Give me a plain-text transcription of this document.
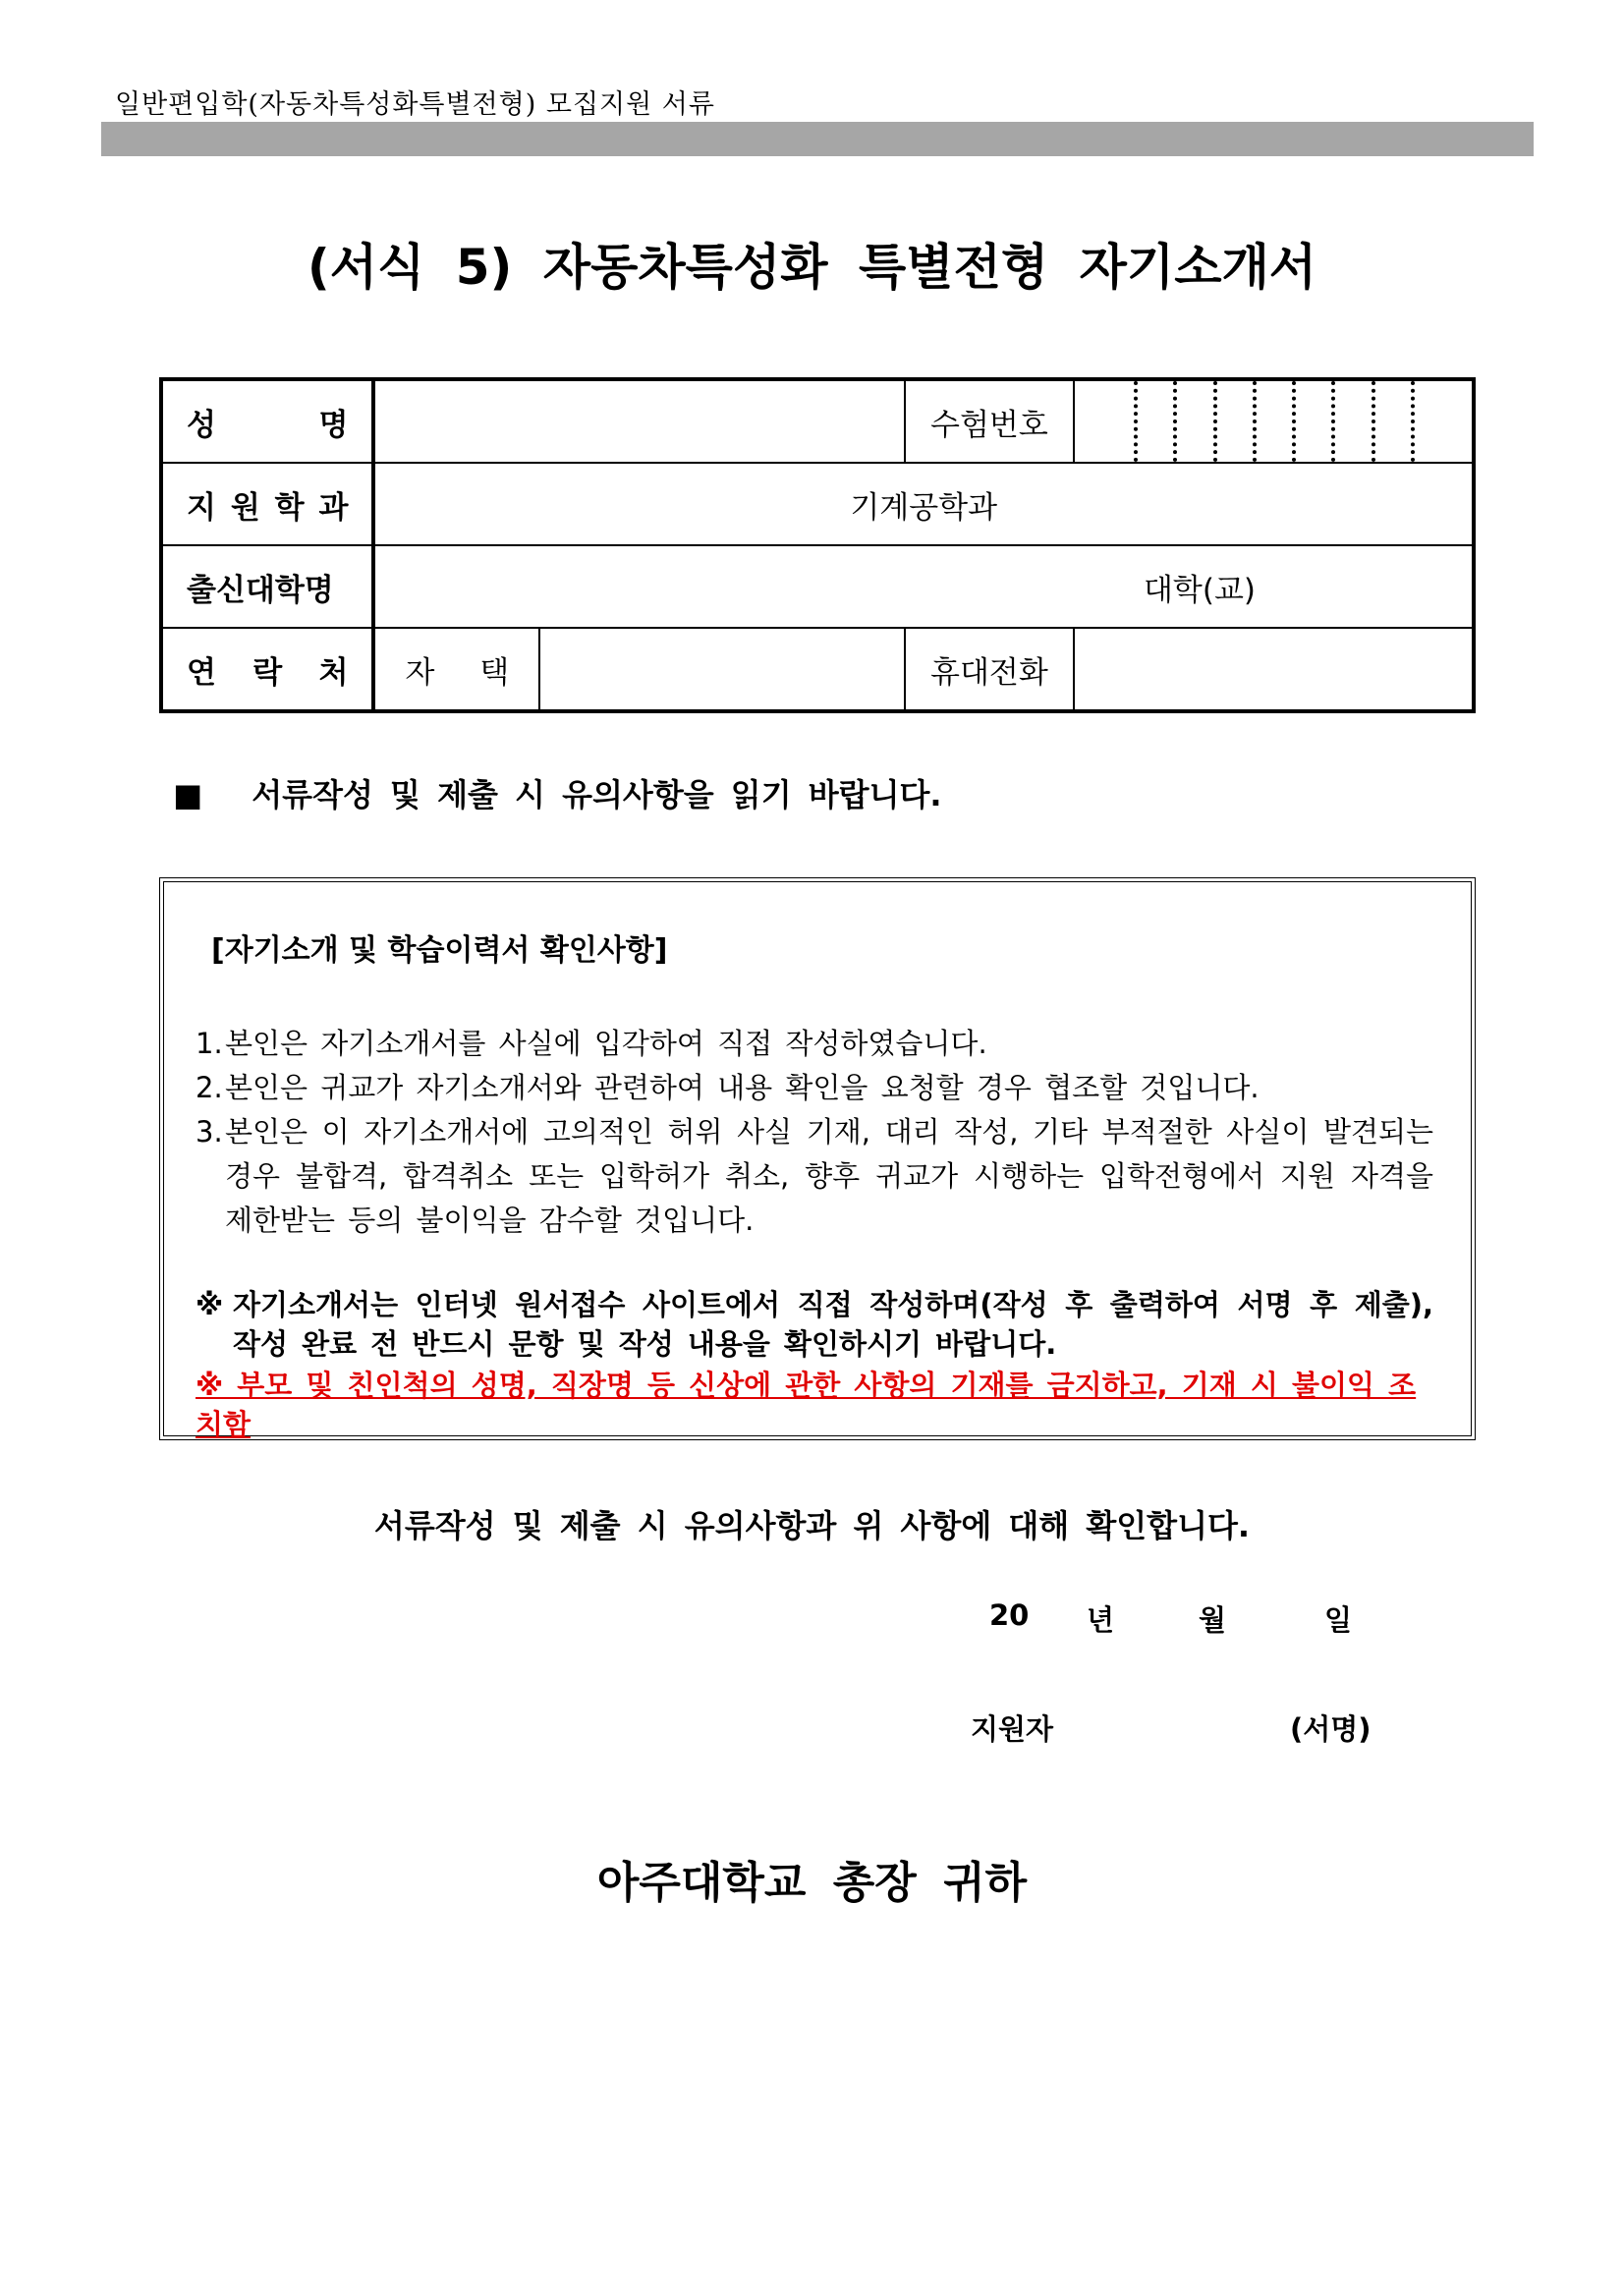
일반편입학(자동차특성화특별전형) 모집지원 서류
(서식 5) 자동차특성화 특별전형 자기소개서
성 명			수험번호	

지 원 학 과	기계공학과			
출신대학명	대학(교)			
연 락 처	자 택		휴대전화	
■ 서류작성 및 제출 시 유의사항을 읽기 바랍니다.
[자기소개 및 학습이력서 확인사항]
1. 본인은 자기소개서를 사실에 입각하여 직접 작성하였습니다.
2. 본인은 귀교가 자기소개서와 관련하여 내용 확인을 요청할 경우 협조할 것입니다.
3. 본인은 이 자기소개서에 고의적인 허위 사실 기재, 대리 작성, 기타 부적절한 사실이 발견되는 경우 불합격, 합격취소 또는 입학허가 취소, 향후 귀교가 시행하는 입학전형에서 지원 자격을 제한받는 등의 불이익을 감수할 것입니다.
※ 자기소개서는 인터넷 원서접수 사이트에서 직접 작성하며(작성 후 출력하여 서명 후 제출), 작성 완료 전 반드시 문항 및 작성 내용을 확인하시기 바랍니다.
※ 부모 및 친인척의 성명, 직장명 등 신상에 관한 사항의 기재를 금지하고, 기재 시 불이익 조치함
서류작성 및 제출 시 유의사항과 위 사항에 대해 확인합니다.
20 년	월	일
지원자	(서명)
아주대학교 총장 귀하
